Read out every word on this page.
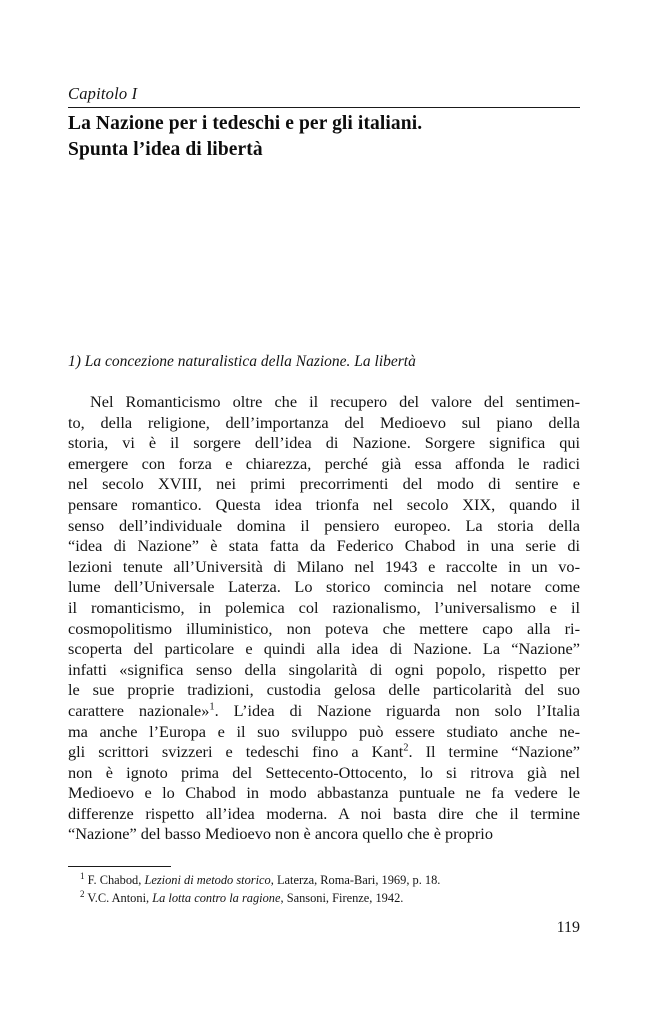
Capitolo I
La Nazione per i tedeschi e per gli italiani.
Spunta l’idea di libertà
1) La concezione naturalistica della Nazione. La libertà

Nel Romanticismo oltre che il recupero del valore del sentimen-
to, della religione, dell’importanza del Medioevo sul piano della
storia, vi è il sorgere dell’idea di Nazione. Sorgere significa qui
emergere con forza e chiarezza, perché già essa affonda le radici
nel secolo XVIII, nei primi precorrimenti del modo di sentire e
pensare romantico. Questa idea trionfa nel secolo XIX, quando il
senso dell’individuale domina il pensiero europeo. La storia della
“idea di Nazione” è stata fatta da Federico Chabod in una serie di
lezioni tenute all’Università di Milano nel 1943 e raccolte in un vo-
lume dell’Universale Laterza. Lo storico comincia nel notare come
il romanticismo, in polemica col razionalismo, l’universalismo e il
cosmopolitismo illuministico, non poteva che mettere capo alla ri-
scoperta del particolare e quindi alla idea di Nazione. La “Nazione”
infatti «significa senso della singolarità di ogni popolo, rispetto per
le sue proprie tradizioni, custodia gelosa delle particolarità del suo
carattere nazionale»$^1$. L’idea di Nazione riguarda non solo l’Italia
ma anche l’Europa e il suo sviluppo può essere studiato anche ne-
gli scrittori svizzeri e tedeschi fino a Kant$^2$. Il termine “Nazione”
non è ignoto prima del Settecento-Ottocento, lo si ritrova già nel
Medioevo e lo Chabod in modo abbastanza puntuale ne fa vedere le
differenze rispetto all’idea moderna. A noi basta dire che il termine
“Nazione” del basso Medioevo non è ancora quello che è proprio

$^1$ F. Chabod, Lezioni di metodo storico, Laterza, Roma-Bari, 1969, p. 18.

$^2$ V.C. Antoni, La lotta contro la ragione, Sansoni, Firenze, 1942.

119
